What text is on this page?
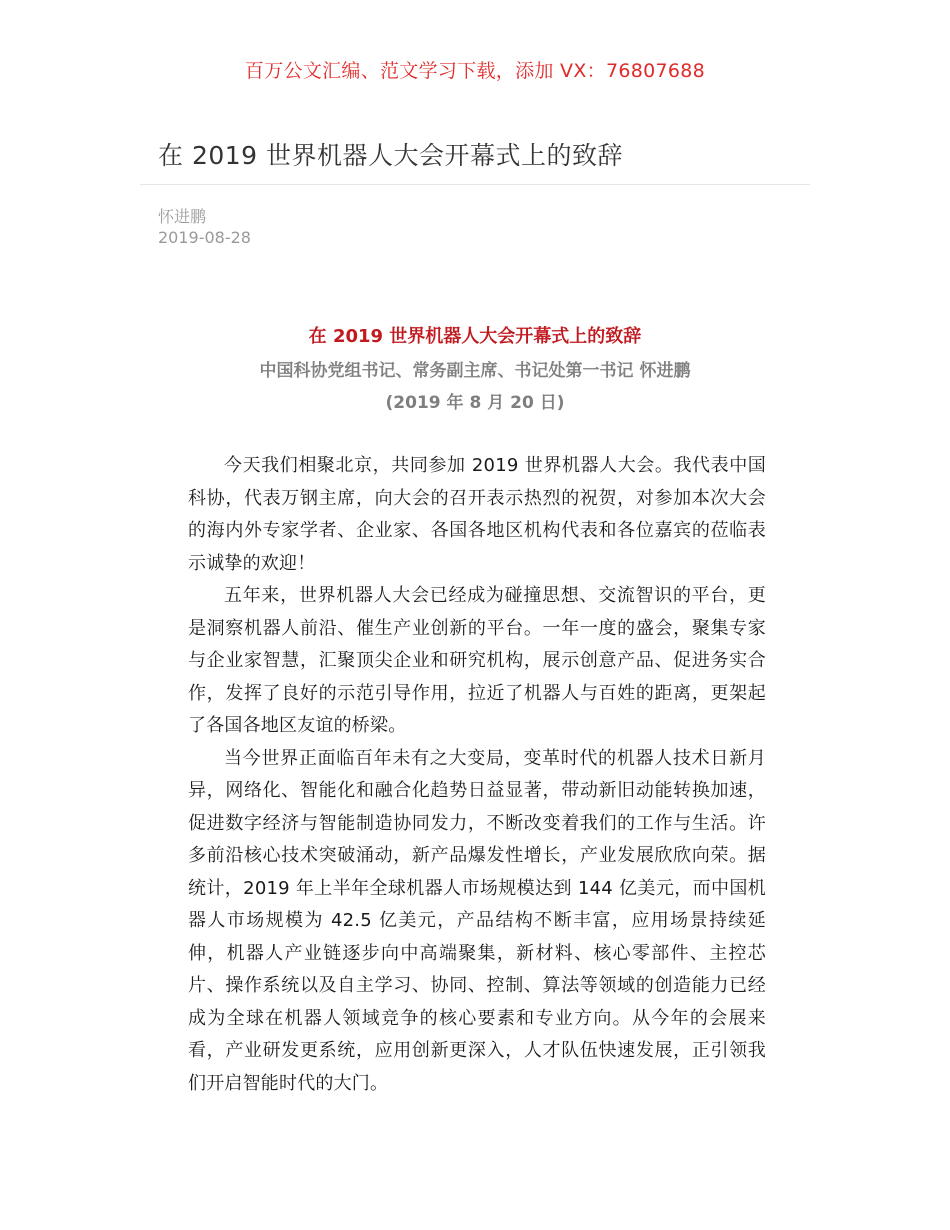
百万公文汇编、范文学习下载，添加 VX：76807688
在 2019 世界机器人大会开幕式上的致辞
怀进鹏
2019-08-28
在 2019 世界机器人大会开幕式上的致辞
中国科协党组书记、常务副主席、书记处第一书记 怀进鹏
(2019 年 8 月 20 日)

今天我们相聚北京，共同参加 2019 世界机器人大会。我代表中国科协，代表万钢主席，向大会的召开表示热烈的祝贺，对参加本次大会的海内外专家学者、企业家、各国各地区机构代表和各位嘉宾的莅临表示诚挚的欢迎！

五年来，世界机器人大会已经成为碰撞思想、交流智识的平台，更是洞察机器人前沿、催生产业创新的平台。一年一度的盛会，聚集专家与企业家智慧，汇聚顶尖企业和研究机构，展示创意产品、促进务实合作，发挥了良好的示范引导作用，拉近了机器人与百姓的距离，更架起了各国各地区友谊的桥梁。

当今世界正面临百年未有之大变局，变革时代的机器人技术日新月异，网络化、智能化和融合化趋势日益显著，带动新旧动能转换加速，促进数字经济与智能制造协同发力，不断改变着我们的工作与生活。许多前沿核心技术突破涌动，新产品爆发性增长，产业发展欣欣向荣。据统计，2019 年上半年全球机器人市场规模达到 144 亿美元，而中国机器人市场规模为 42.5 亿美元，产品结构不断丰富，应用场景持续延伸，机器人产业链逐步向中高端聚集，新材料、核心零部件、主控芯片、操作系统以及自主学习、协同、控制、算法等领域的创造能力已经成为全球在机器人领域竞争的核心要素和专业方向。从今年的会展来看，产业研发更系统，应用创新更深入，人才队伍快速发展，正引领我们开启智能时代的大门。
